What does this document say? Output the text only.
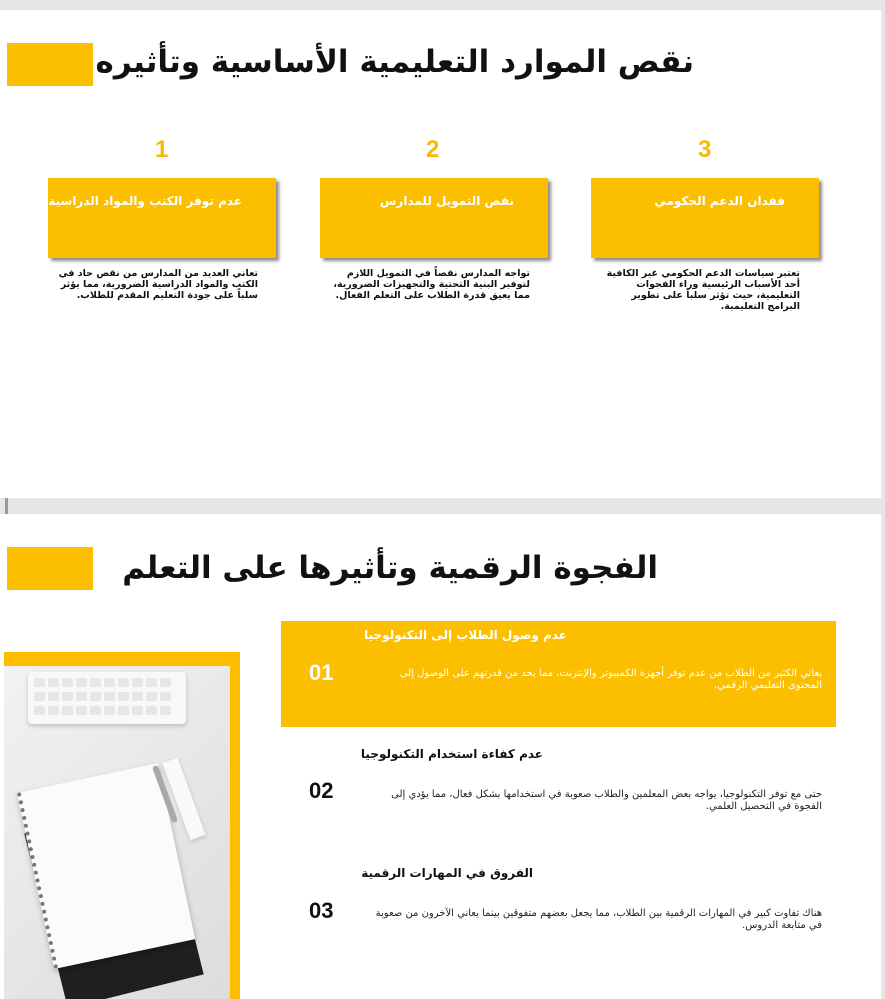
نقص الموارد التعليمية الأساسية وتأثيره
3
2
1
فقدان الدعم الحكومي
نقص التمويل للمدارس
عدم توفر الكتب والمواد الدراسية

تعتبر سياسات الدعم الحكومي غير الكافية أحد الأسباب الرئيسية وراء الفجوات التعليمية، حيث تؤثر سلباً على تطوير البرامج التعليمية.

تواجه المدارس نقصاً في التمويل اللازم لتوفير البنية التحتية والتجهيزات الضرورية، مما يعيق قدرة الطلاب على التعلم الفعال.

تعاني العديد من المدارس من نقص حاد في الكتب والمواد الدراسية الضرورية، مما يؤثر سلباً على جودة التعليم المقدم للطلاب.

الفجوة الرقمية وتأثيرها على التعلم
01
عدم وصول الطلاب إلى التكنولوجيا

يعاني الكثير من الطلاب من عدم توفر أجهزة الكمبيوتر والإنترنت، مما يحد من قدرتهم على الوصول إلى المحتوى التعليمي الرقمي.

02
عدم كفاءة استخدام التكنولوجيا

حتى مع توفر التكنولوجيا، يواجه بعض المعلمين والطلاب صعوبة في استخدامها بشكل فعال، مما يؤدي إلى الفجوة في التحصيل العلمي.

03
الفروق في المهارات الرقمية

هناك تفاوت كبير في المهارات الرقمية بين الطلاب، مما يجعل بعضهم متفوقين بينما يعاني الآخرون من صعوبة في متابعة الدروس.
